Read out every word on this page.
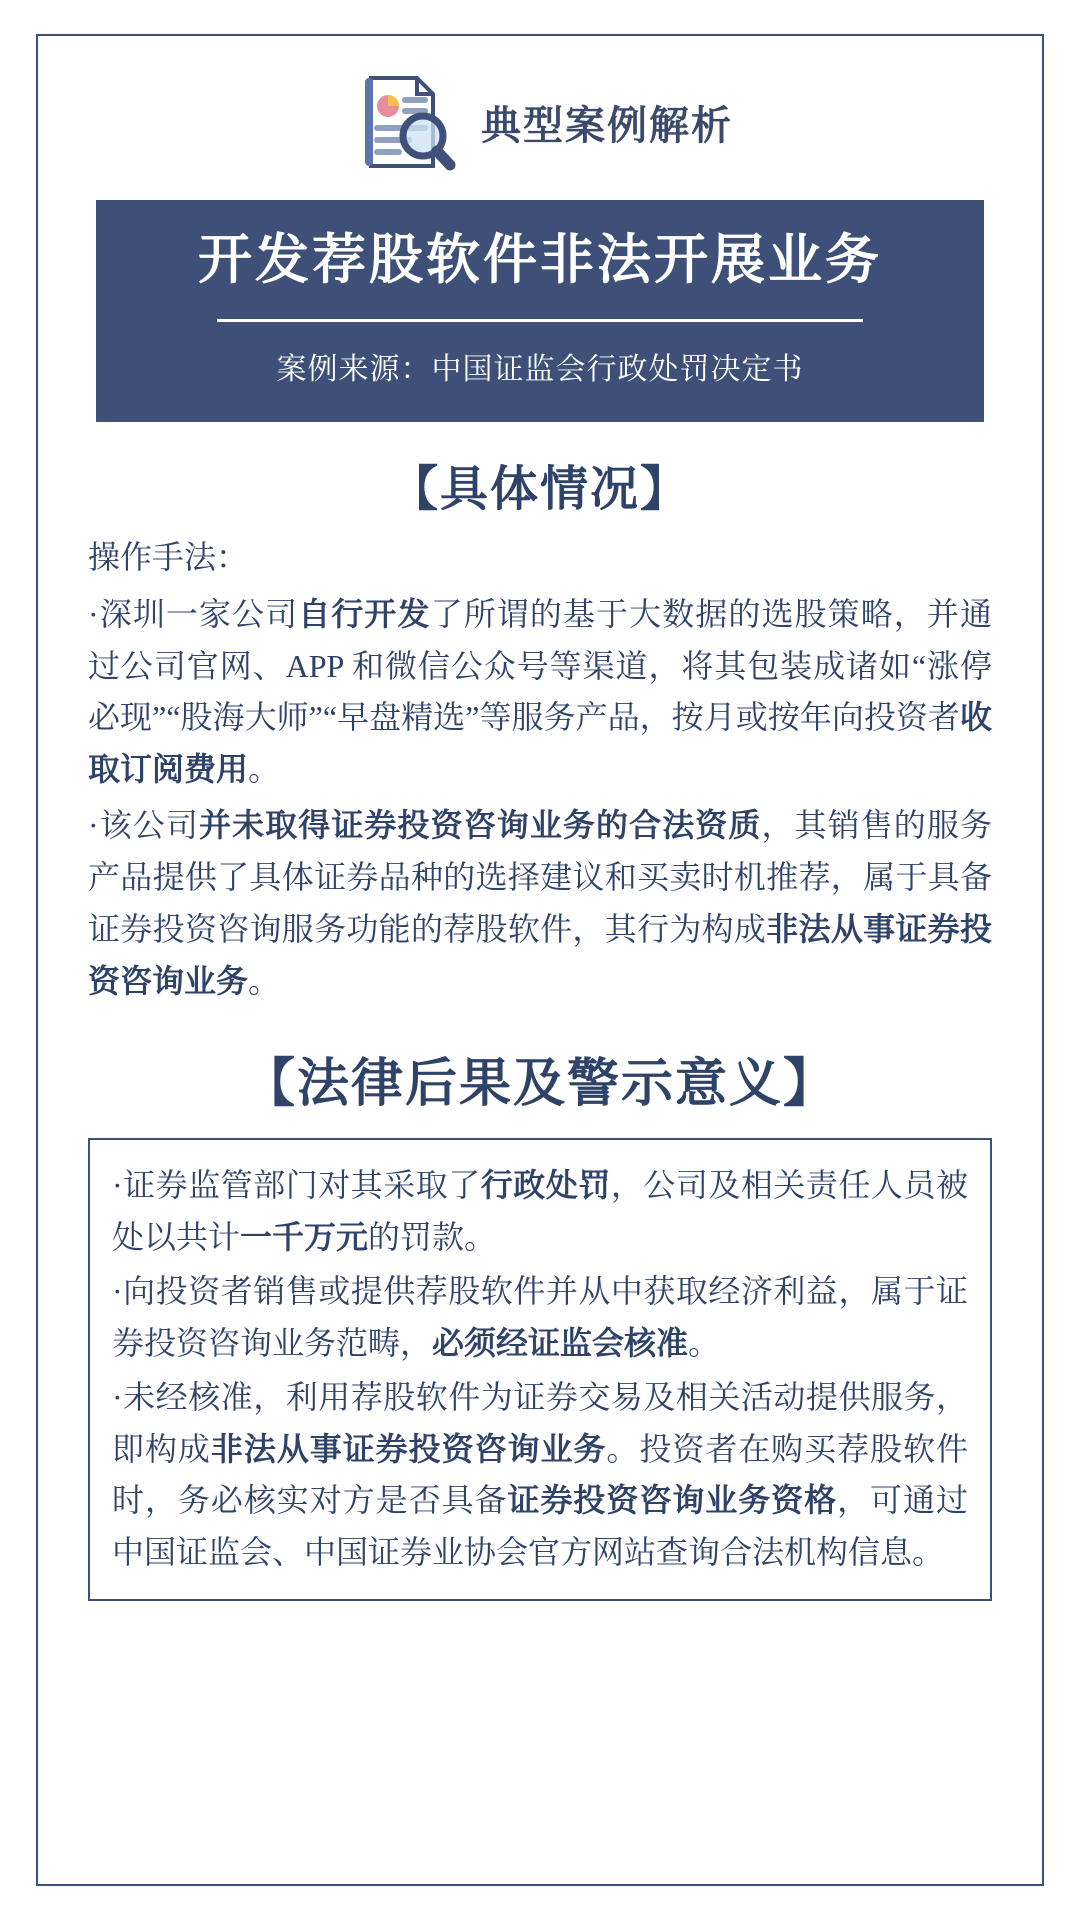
典型案例解析
开发荐股软件非法开展业务
案例来源：中国证监会行政处罚决定书
【具体情况】
操作手法：

·深圳一家公司自行开发了所谓的基于大数据的选股策略，并通过公司官网、APP 和微信公众号等渠道，将其包装成诸如“涨停必现”“股海大师”“早盘精选”等服务产品，按月或按年向投资者收取订阅费用。

·该公司并未取得证券投资咨询业务的合法资质，其销售的服务产品提供了具体证券品种的选择建议和买卖时机推荐，属于具备证券投资咨询服务功能的荐股软件，其行为构成非法从事证券投资咨询业务。

【法律后果及警示意义】

·证券监管部门对其采取了行政处罚，公司及相关责任人员被处以共计一千万元的罚款。

·向投资者销售或提供荐股软件并从中获取经济利益，属于证券投资咨询业务范畴，必须经证监会核准。

·未经核准，利用荐股软件为证券交易及相关活动提供服务，即构成非法从事证券投资咨询业务。投资者在购买荐股软件时，务必核实对方是否具备证券投资咨询业务资格，可通过中国证监会、中国证券业协会官方网站查询合法机构信息。
